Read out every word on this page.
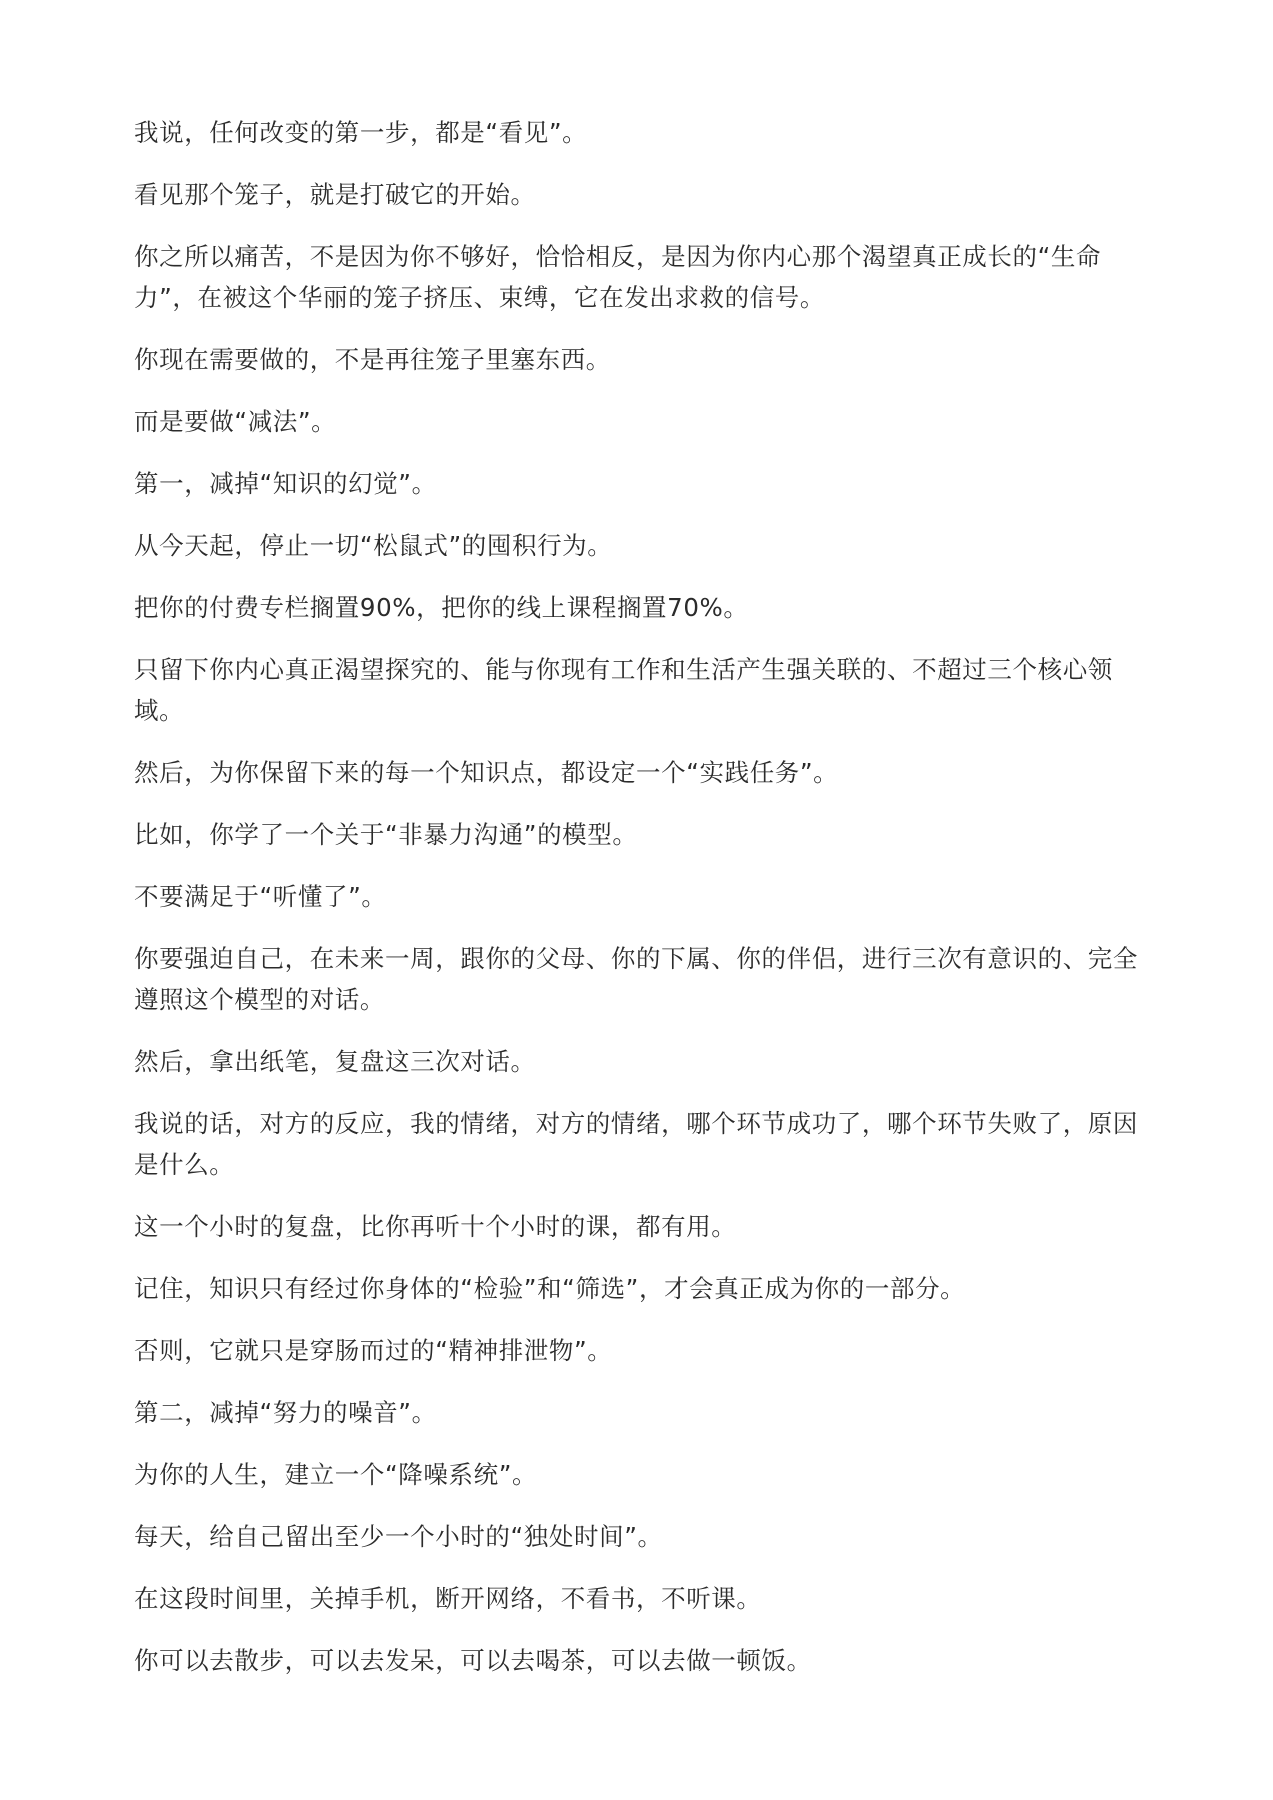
我说，任何改变的第一步，都是“看见”。

看见那个笼子，就是打破它的开始。

你之所以痛苦，不是因为你不够好，恰恰相反，是因为你内心那个渴望真正成长的“生命力”，在被这个华丽的笼子挤压、束缚，它在发出求救的信号。

你现在需要做的，不是再往笼子里塞东西。

而是要做“减法”。

第一，减掉“知识的幻觉”。

从今天起，停止一切“松鼠式”的囤积行为。

把你的付费专栏搁置90%，把你的线上课程搁置70%。

只留下你内心真正渴望探究的、能与你现有工作和生活产生强关联的、不超过三个核心领域。

然后，为你保留下来的每一个知识点，都设定一个“实践任务”。

比如，你学了一个关于“非暴力沟通”的模型。

不要满足于“听懂了”。

你要强迫自己，在未来一周，跟你的父母、你的下属、你的伴侣，进行三次有意识的、完全遵照这个模型的对话。

然后，拿出纸笔，复盘这三次对话。

我说的话，对方的反应，我的情绪，对方的情绪，哪个环节成功了，哪个环节失败了，原因是什么。

这一个小时的复盘，比你再听十个小时的课，都有用。

记住，知识只有经过你身体的“检验”和“筛选”，才会真正成为你的一部分。

否则，它就只是穿肠而过的“精神排泄物”。

第二，减掉“努力的噪音”。

为你的人生，建立一个“降噪系统”。

每天，给自己留出至少一个小时的“独处时间”。

在这段时间里，关掉手机，断开网络，不看书，不听课。

你可以去散步，可以去发呆，可以去喝茶，可以去做一顿饭。
